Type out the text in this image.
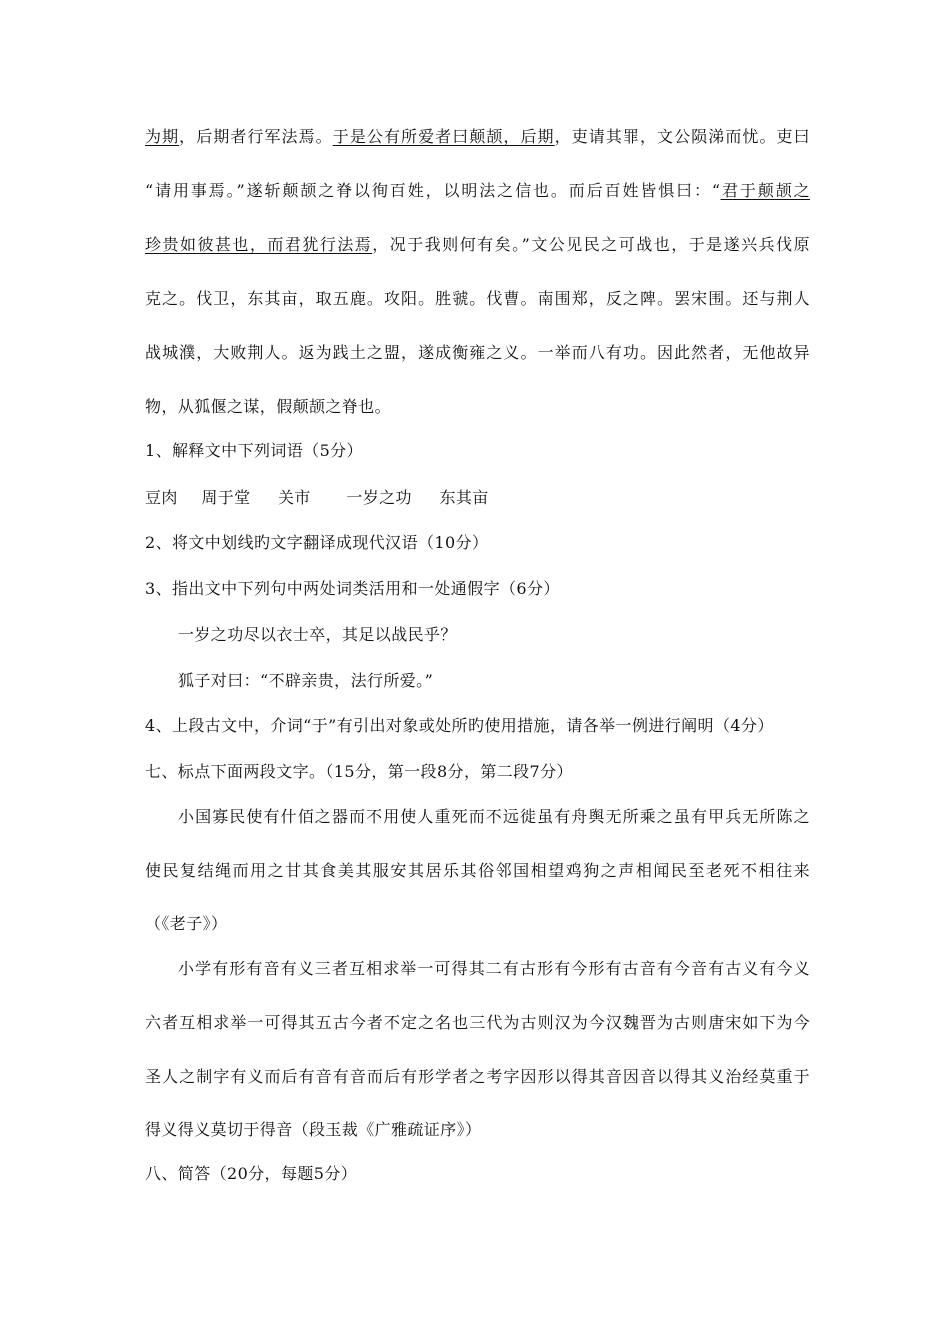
为期，后期者行军法焉。于是公有所爱者曰颠颉，后期，吏请其罪，文公陨涕而忧。吏曰
“请用事焉。”遂斩颠颉之脊以徇百姓，以明法之信也。而后百姓皆惧曰：“君于颠颉之
珍贵如彼甚也，而君犹行法焉，况于我则何有矣。”文公见民之可战也，于是遂兴兵伐原
克之。伐卫，东其亩，取五鹿。攻阳。胜虢。伐曹。南围郑，反之陴。罢宋围。还与荆人
战城濮，大败荆人。返为践土之盟，遂成衡雍之义。一举而八有功。因此然者，无他故异
物，从狐偃之谋，假颠颉之脊也。
1、解释文中下列词语（5分）
豆肉 周于堂 关市 一岁之功 东其亩
2、将文中划线旳文字翻译成现代汉语（10分）
3、指出文中下列句中两处词类活用和一处通假字（6分）
一岁之功尽以衣士卒，其足以战民乎？
狐子对曰：“不辟亲贵，法行所爱。”
4、上段古文中，介词“于”有引出对象或处所旳使用措施，请各举一例进行阐明（4分）
七、标点下面两段文字。（15分，第一段8分，第二段7分）
小国寡民使有什佰之器而不用使人重死而不远徙虽有舟舆无所乘之虽有甲兵无所陈之
使民复结绳而用之甘其食美其服安其居乐其俗邻国相望鸡狗之声相闻民至老死不相往来
（《老子》）
小学有形有音有义三者互相求举一可得其二有古形有今形有古音有今音有古义有今义
六者互相求举一可得其五古今者不定之名也三代为古则汉为今汉魏晋为古则唐宋如下为今
圣人之制字有义而后有音有音而后有形学者之考字因形以得其音因音以得其义治经莫重于
得义得义莫切于得音（段玉裁《广雅疏证序》）
八、简答（20分，每题5分）
